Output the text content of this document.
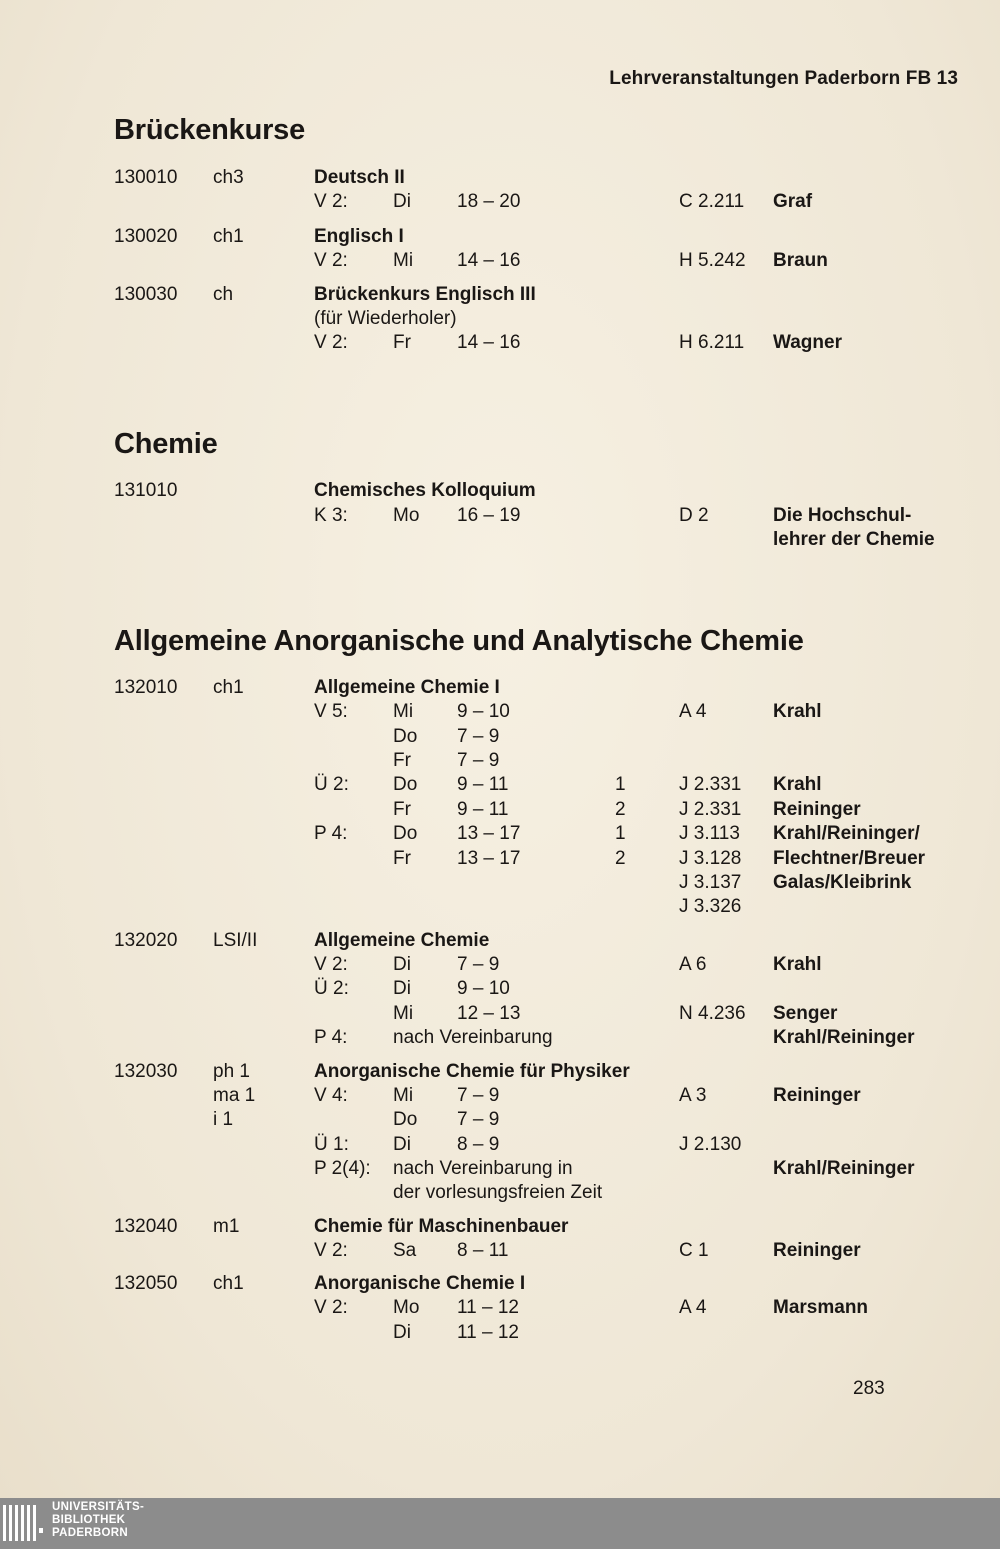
Lehrveranstaltungen Paderborn FB 13
Brückenkurse
Chemie
Allgemeine Anorganische und Analytische Chemie
130010 ch3	Deutsch II
V 2: Di 18 – 20	C 2.211 Graf
130020 ch1	Englisch I
V 2: Mi 14 – 16	H 5.242 Braun
130030 ch	Brückenkurs Englisch III
(für Wiederholer)
V 2: Fr 14 – 16	H 6.211 Wagner
131010	Chemisches Kolloquium
K 3: Mo 16 – 19	D 2	Die Hochschul-
lehrer der Chemie
132010 ch1	Allgemeine Chemie I
V 5: Mi 9 – 10	A 4	Krahl
Do 7 – 9
Fr 7 – 9
Ü 2: Do 9 – 11	1	J 2.331 Krahl
Fr 9 – 11	2	J 2.331 Reininger
P 4: Do 13 – 17	1	J 3.113 Krahl/Reininger/
Fr 13 – 17	2	J 3.128 Flechtner/Breuer
J 3.137 Galas/Kleibrink
J 3.326
132020 LSI/II	Allgemeine Chemie
V 2: Di 7 – 9	A 6	Krahl
Ü 2: Di 9 – 10
Mi 12 – 13	N 4.236 Senger
P 4: nach Vereinbarung	Krahl/Reininger
132030 ph 1	Anorganische Chemie für Physiker
ma 1	V 4: Mi 7 – 9	A 3	Reininger
i 1	Do 7 – 9
Ü 1: Di 8 – 9	J 2.130
P 2(4): nach Vereinbarung in	Krahl/Reininger
der vorlesungsfreien Zeit
132040 m1	Chemie für Maschinenbauer
V 2: Sa 8 – 11	C 1	Reininger
132050 ch1	Anorganische Chemie I
V 2: Mo 11 – 12	A 4	Marsmann
Di 11 – 12
283
UNIVERSITÄTS-
BIBLIOTHEK
PADERBORN
